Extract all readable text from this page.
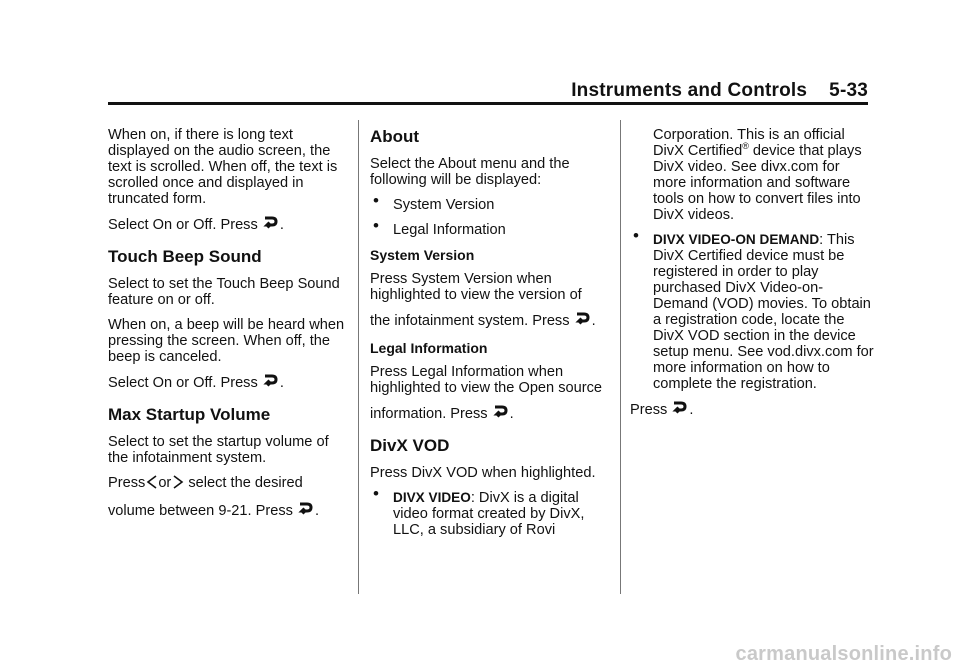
Instruments and Controls 5-33

When on, if there is long text displayed on the audio screen, the text is scrolled. When off, the text is scrolled once and displayed in truncated form.

Select On or Off. Press .

Touch Beep Sound

Select to set the Touch Beep Sound feature on or off.

When on, a beep will be heard when pressing the screen. When off, the beep is canceled.

Select On or Off. Press .

Max Startup Volume

Select to set the startup volume of the infotainment system.

Press or select the desired

volume between 9-21. Press .

About

Select the About menu and the following will be displayed:

• System Version
• Legal Information
System Version

Press System Version when highlighted to view the version of

the infotainment system. Press .

Legal Information

Press Legal Information when highlighted to view the Open source

information. Press .

DivX VOD

Press DivX VOD when highlighted.

• DIVX VIDEO: DivX is a digital video format created by DivX, LLC, a subsidiary of Rovi

Corporation. This is an official DivX Certified® device that plays DivX video. See divx.com for more information and software tools on how to convert files into DivX videos.

• DIVX VIDEO-ON DEMAND: This DivX Certified device must be registered in order to play purchased DivX Video-on-Demand (VOD) movies. To obtain a registration code, locate the DivX VOD section in the device setup menu. See vod.divx.com for more information on how to complete the registration.

Press .

carmanualsonline.info
